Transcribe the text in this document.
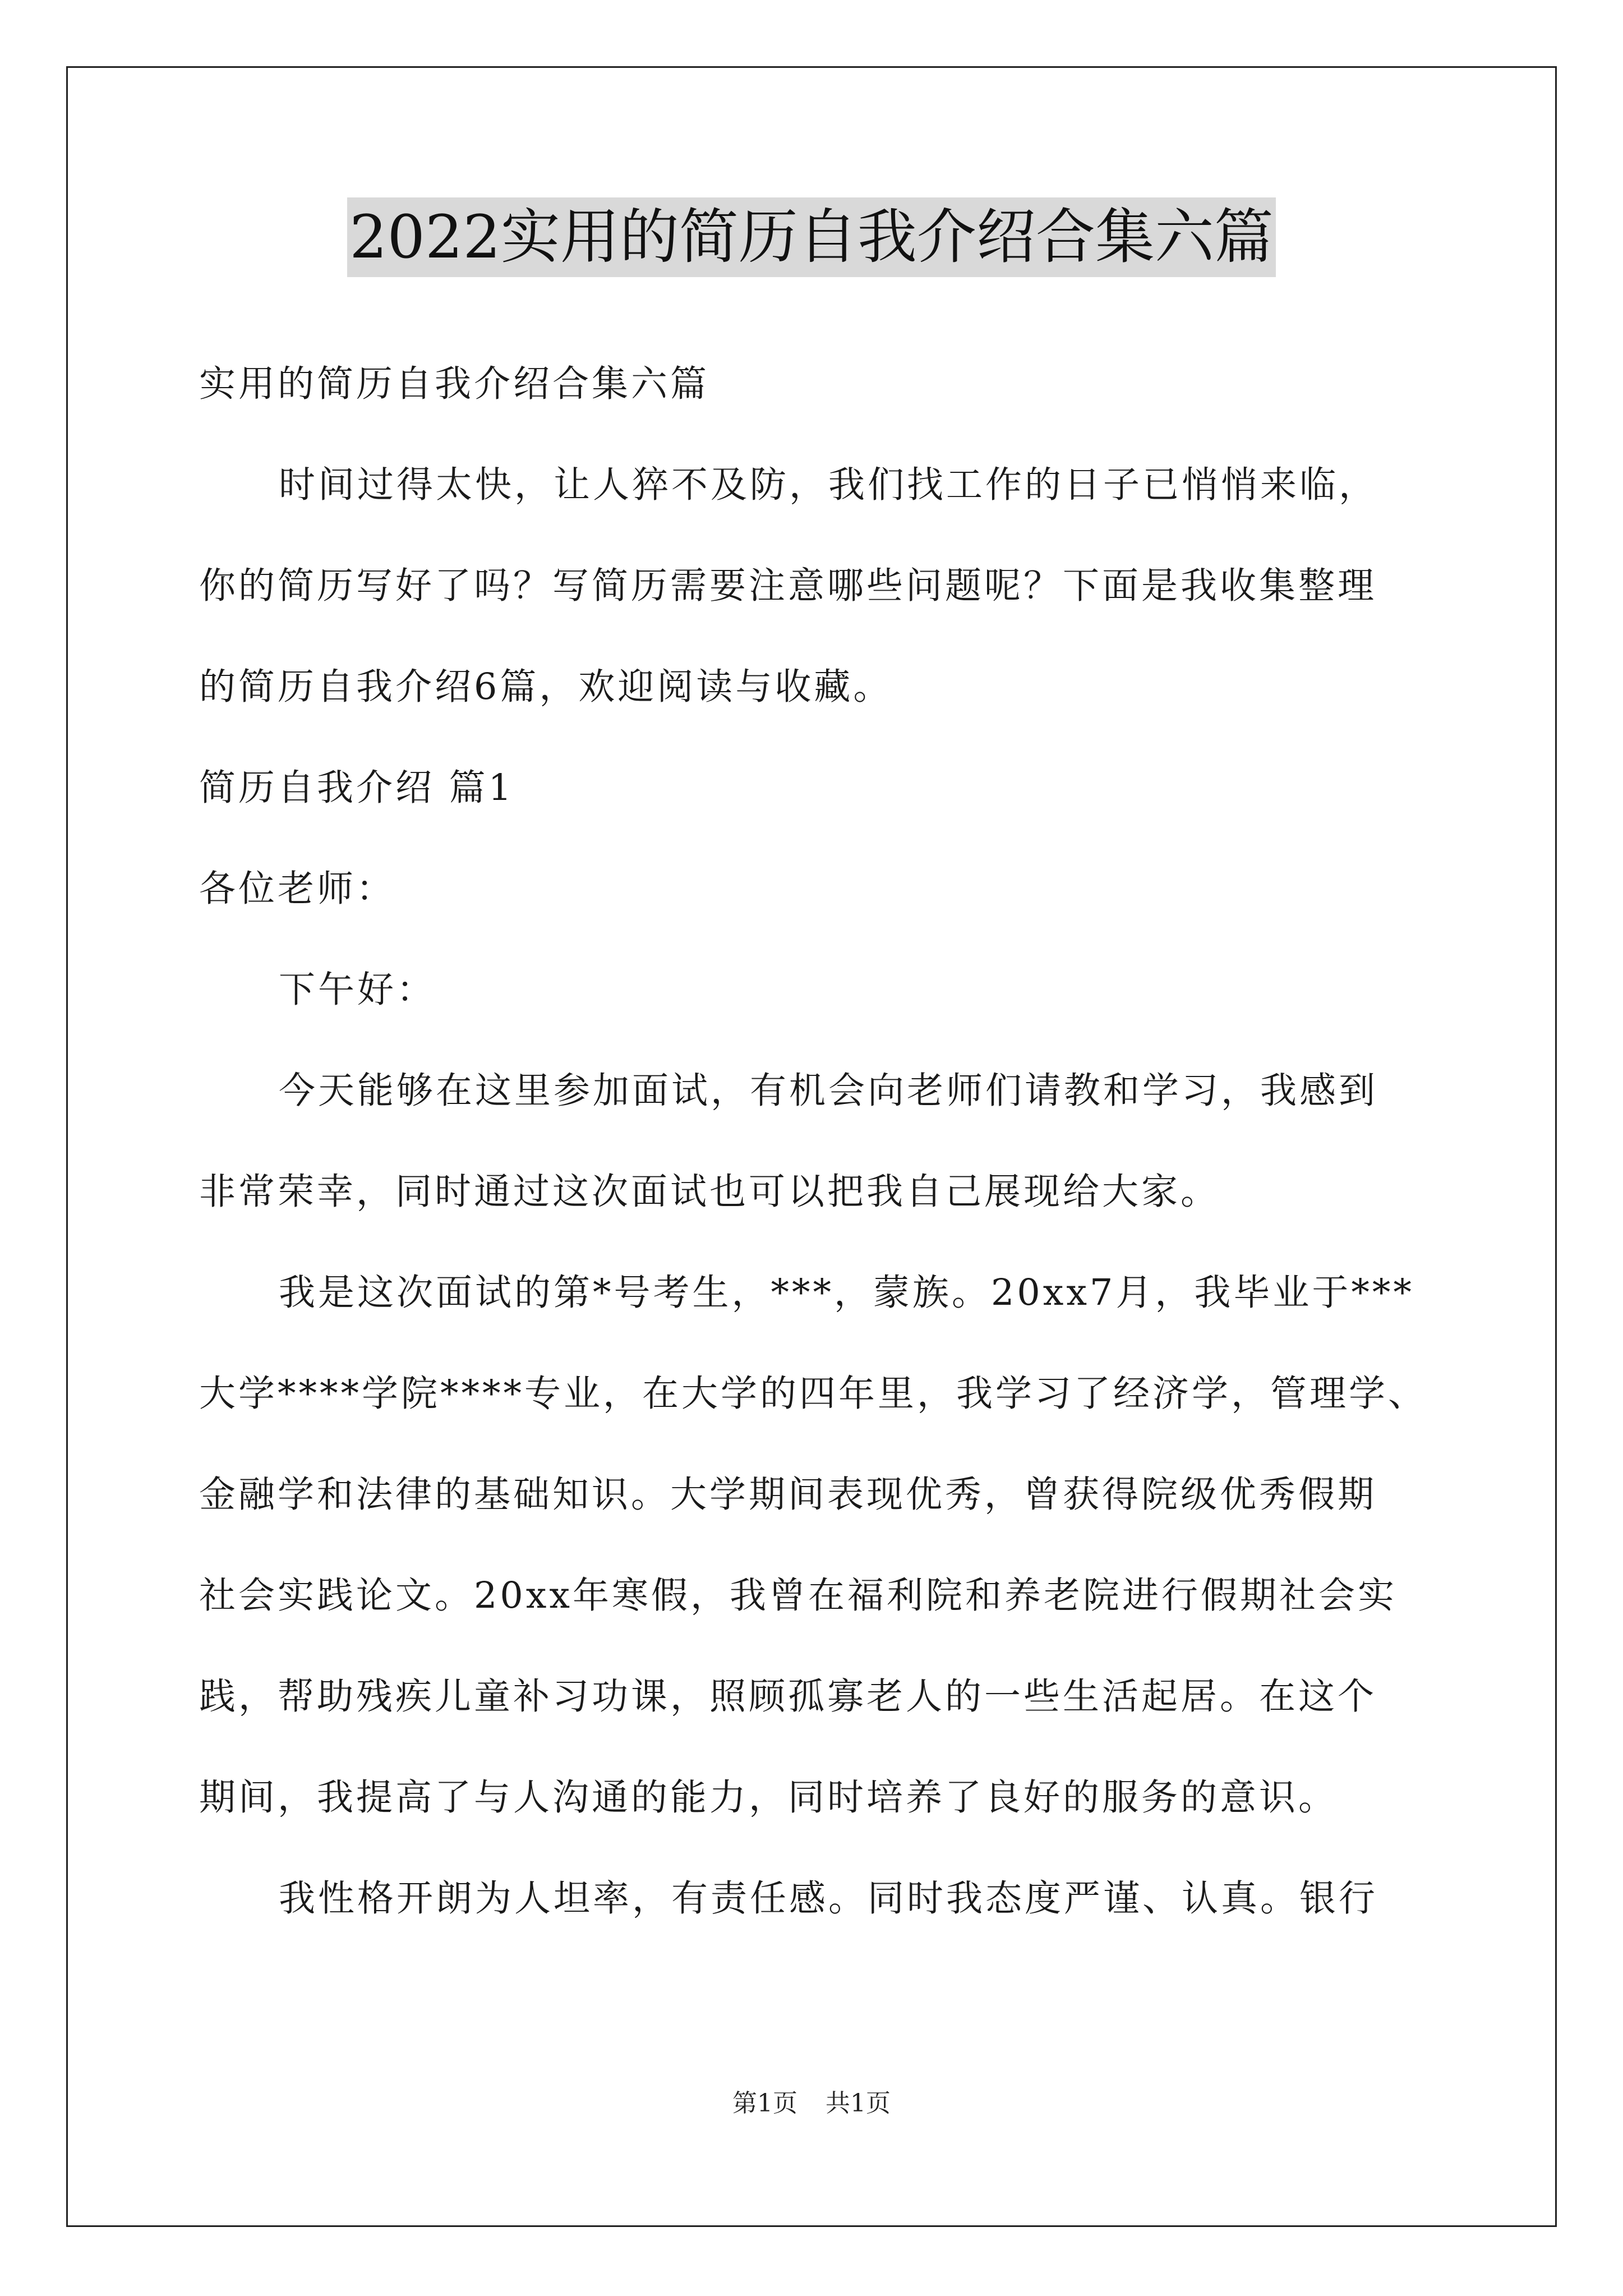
2022实用的简历自我介绍合集六篇
实用的简历自我介绍合集六篇
时间过得太快，让人猝不及防，我们找工作的日子已悄悄来临，
你的简历写好了吗？写简历需要注意哪些问题呢？下面是我收集整理
的简历自我介绍6篇，欢迎阅读与收藏。
简历自我介绍 篇1
各位老师：
下午好：
今天能够在这里参加面试，有机会向老师们请教和学习，我感到
非常荣幸，同时通过这次面试也可以把我自己展现给大家。
我是这次面试的第*号考生，***，蒙族。20xx7月，我毕业于***
大学****学院****专业，在大学的四年里，我学习了经济学，管理学、
金融学和法律的基础知识。大学期间表现优秀，曾获得院级优秀假期
社会实践论文。20xx年寒假，我曾在福利院和养老院进行假期社会实
践，帮助残疾儿童补习功课，照顾孤寡老人的一些生活起居。在这个
期间，我提高了与人沟通的能力，同时培养了良好的服务的意识。
我性格开朗为人坦率，有责任感。同时我态度严谨、认真。银行
第1页 共1页
